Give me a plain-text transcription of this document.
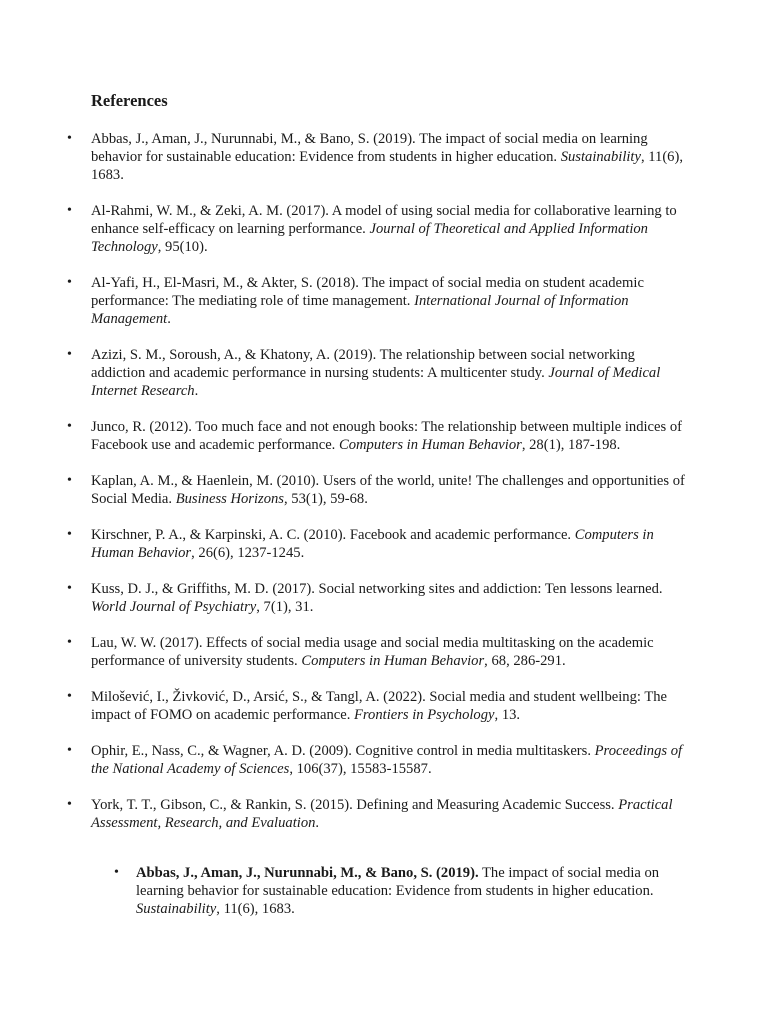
References
• Abbas, J., Aman, J., Nurunnabi, M., & Bano, S. (2019). The impact of social media on learning behavior for sustainable education: Evidence from students in higher education. Sustainability, 11(6), 1683.
• Al-Rahmi, W. M., & Zeki, A. M. (2017). A model of using social media for collaborative learning to enhance self-efficacy on learning performance. Journal of Theoretical and Applied Information Technology, 95(10).
• Al-Yafi, H., El-Masri, M., & Akter, S. (2018). The impact of social media on student academic performance: The mediating role of time management. International Journal of Information Management.
• Azizi, S. M., Soroush, A., & Khatony, A. (2019). The relationship between social networking addiction and academic performance in nursing students: A multicenter study. Journal of Medical Internet Research.
• Junco, R. (2012). Too much face and not enough books: The relationship between multiple indices of Facebook use and academic performance. Computers in Human Behavior, 28(1), 187-198.
• Kaplan, A. M., & Haenlein, M. (2010). Users of the world, unite! The challenges and opportunities of Social Media. Business Horizons, 53(1), 59-68.
• Kirschner, P. A., & Karpinski, A. C. (2010). Facebook and academic performance. Computers in Human Behavior, 26(6), 1237-1245.
• Kuss, D. J., & Griffiths, M. D. (2017). Social networking sites and addiction: Ten lessons learned. World Journal of Psychiatry, 7(1), 31.
• Lau, W. W. (2017). Effects of social media usage and social media multitasking on the academic performance of university students. Computers in Human Behavior, 68, 286-291.
• Milošević, I., Živković, D., Arsić, S., & Tangl, A. (2022). Social media and student wellbeing: The impact of FOMO on academic performance. Frontiers in Psychology, 13.
• Ophir, E., Nass, C., & Wagner, A. D. (2009). Cognitive control in media multitaskers. Proceedings of the National Academy of Sciences, 106(37), 15583-15587.
• York, T. T., Gibson, C., & Rankin, S. (2015). Defining and Measuring Academic Success. Practical Assessment, Research, and Evaluation.
• Abbas, J., Aman, J., Nurunnabi, M., & Bano, S. (2019). The impact of social media on learning behavior for sustainable education: Evidence from students in higher education. Sustainability, 11(6), 1683.
